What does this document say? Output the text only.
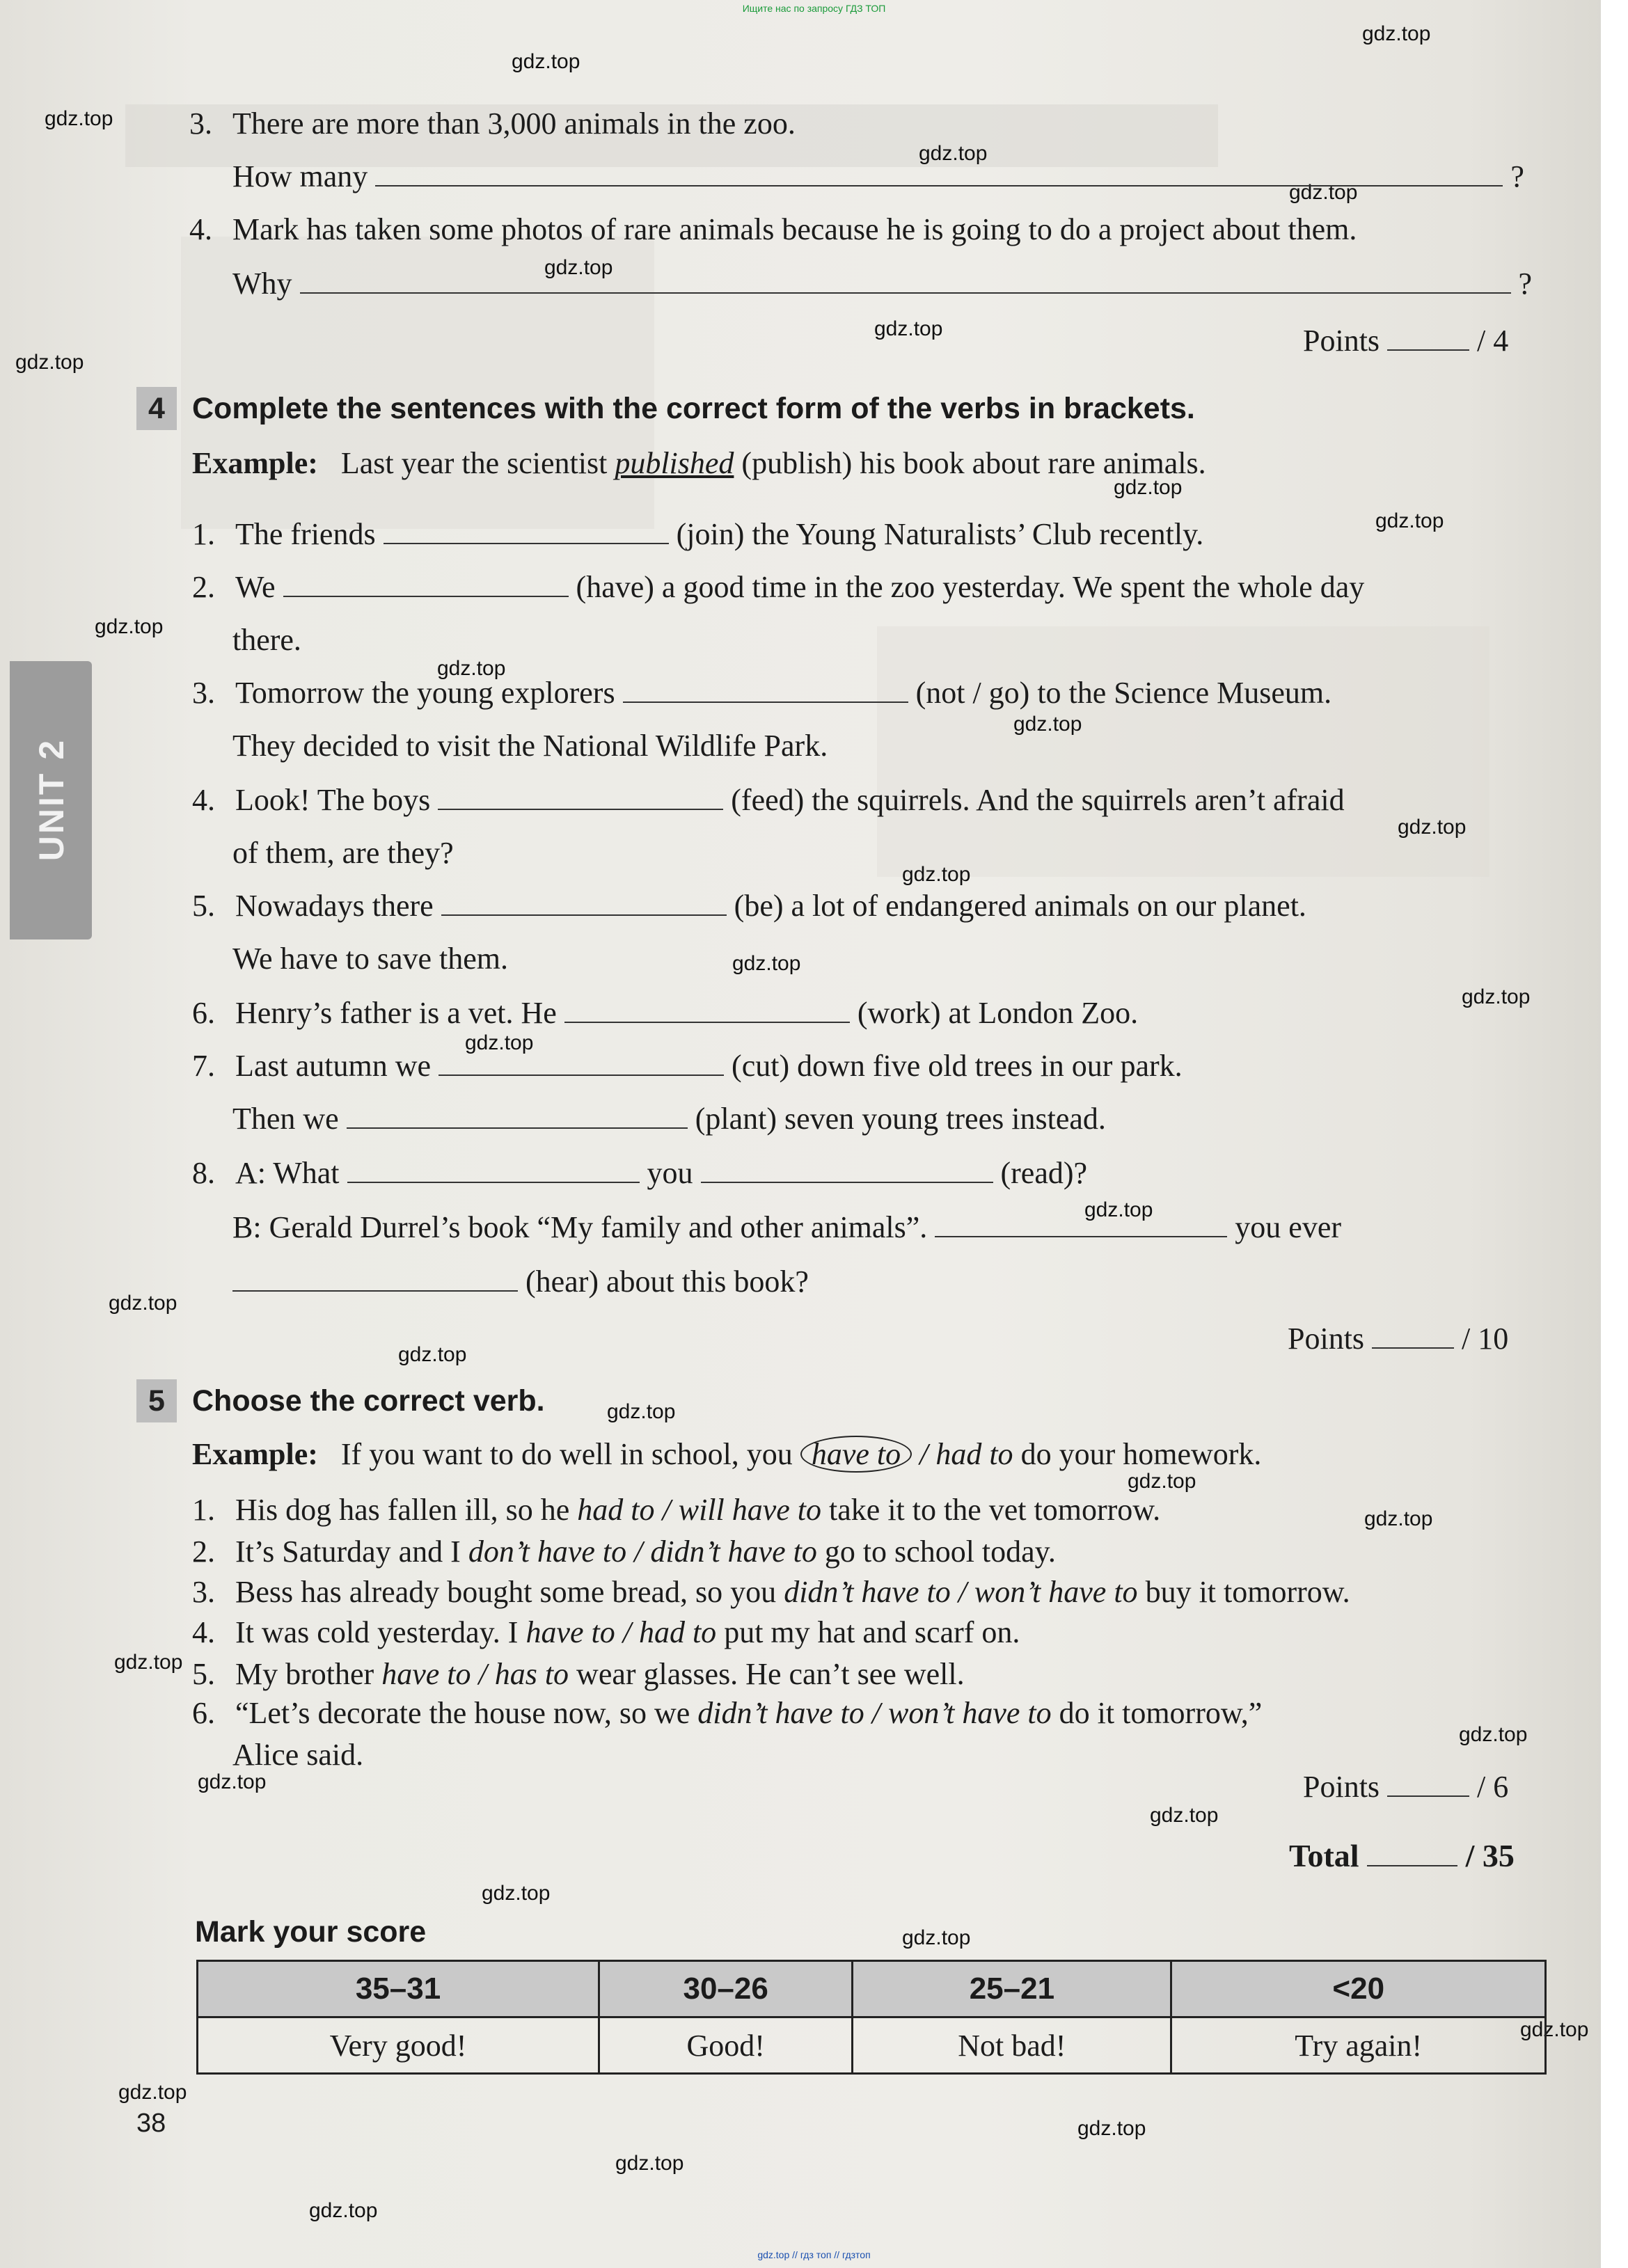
Ищите нас по запросу ГДЗ ТОП
gdz.top
gdz.top
gdz.top
gdz.top
gdz.top
gdz.top
gdz.top
gdz.top
gdz.top
gdz.top
gdz.top
gdz.top
gdz.top
gdz.top
gdz.top
gdz.top
gdz.top
gdz.top
gdz.top
gdz.top
gdz.top
gdz.top
gdz.top
gdz.top
gdz.top
gdz.top
gdz.top
gdz.top
gdz.top
gdz.top
gdz.top
gdz.top
gdz.top
gdz.top
gdz.top
UNIT 2
3. There are more than 3,000 animals in the zoo.
How many	?
4. Mark has taken some photos of rare animals because he is going to do a project about them.
Why	?
Points	/ 4
4 Complete the sentences with the correct form of the verbs in brackets.
Example: Last year the scientist published (publish) his book about rare animals.
1. The friends	(join) the Young Naturalists’ Club recently.
2. We	(have) a good time in the zoo yesterday. We spent the whole day
there.
3. Tomorrow the young explorers	(not / go) to the Science Museum.
They decided to visit the National Wildlife Park.
4. Look! The boys	(feed) the squirrels. And the squirrels aren’t afraid
of them, are they?
5. Nowadays there	(be) a lot of endangered animals on our planet.
We have to save them.
6. Henry’s father is a vet. He	(work) at London Zoo.
7. Last autumn we	(cut) down five old trees in our park.
Then we	(plant) seven young trees instead.
8. A: What	you	(read)?
B: Gerald Durrel’s book “My family and other animals”.	you ever
(hear) about this book?
Points	/ 10
5 Choose the correct verb.
Example: If you want to do well in school, you have to / had to do your homework.
1. His dog has fallen ill, so he had to / will have to take it to the vet tomorrow.
2. It’s Saturday and I don’t have to / didn’t have to go to school today.
3. Bess has already bought some bread, so you didn’t have to / won’t have to buy it tomorrow.
4. It was cold yesterday. I have to / had to put my hat and scarf on.
5. My brother have to / has to wear glasses. He can’t see well.
6. “Let’s decorate the house now, so we didn’t have to / won’t have to do it tomorrow,”
Alice said.
Points	/ 6
Total	/ 35
Mark your score
35–31	30–26	25–21	<20
Very good!	Good!	Not bad!	Try again!
38
gdz.top // гдз топ // гдзтоп
